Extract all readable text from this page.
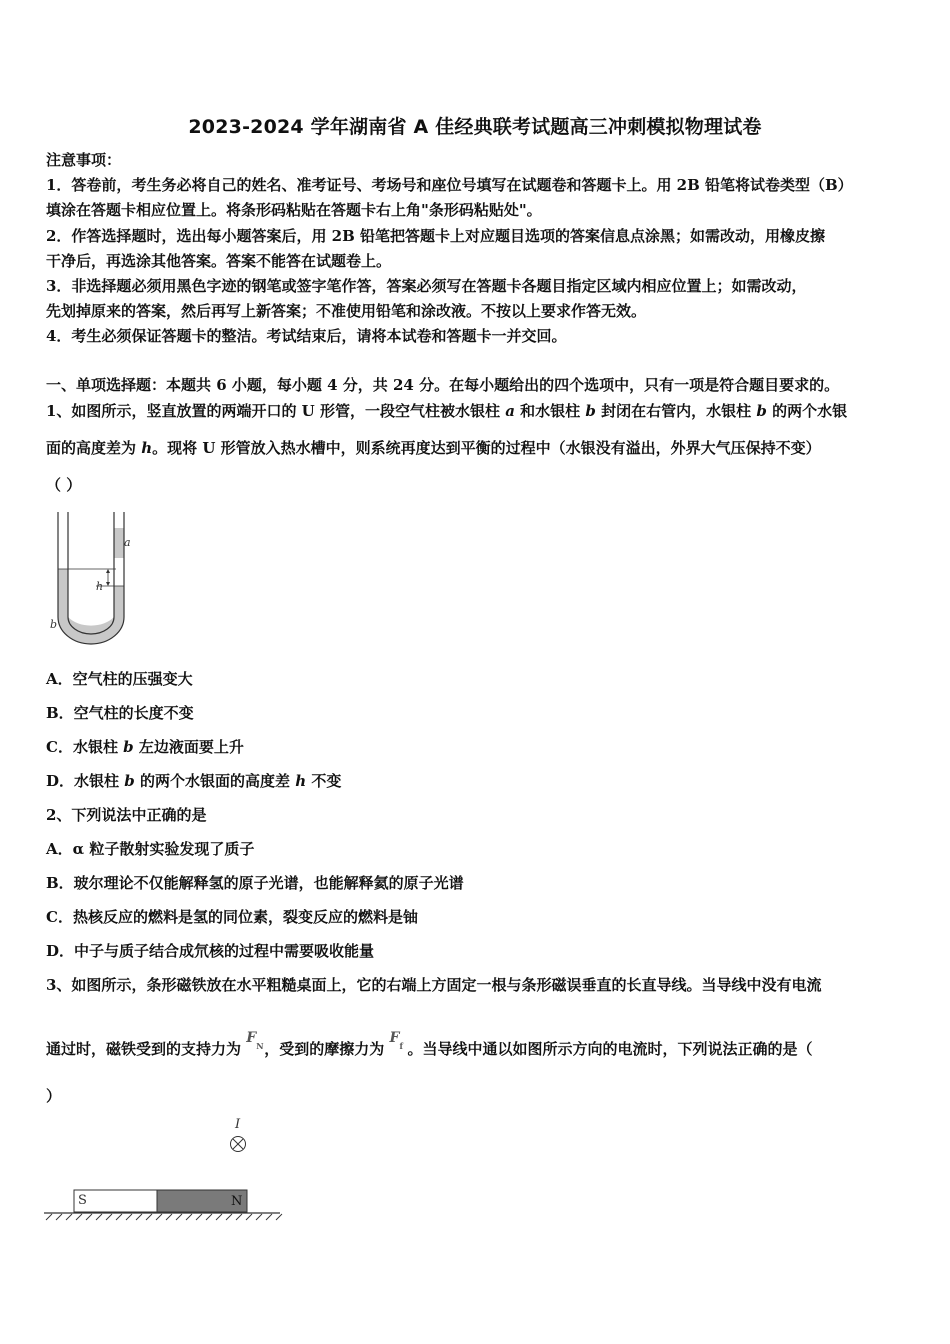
2023-2024 学年湖南省 A 佳经典联考试题高三冲刺模拟物理试卷
注意事项：
1．答卷前，考生务必将自己的姓名、准考证号、考场号和座位号填写在试题卷和答题卡上。用 2B 铅笔将试卷类型（B）
填涂在答题卡相应位置上。将条形码粘贴在答题卡右上角"条形码粘贴处"。
2．作答选择题时，选出每小题答案后，用 2B 铅笔把答题卡上对应题目选项的答案信息点涂黑；如需改动，用橡皮擦
干净后，再选涂其他答案。答案不能答在试题卷上。
3．非选择题必须用黑色字迹的钢笔或签字笔作答，答案必须写在答题卡各题目指定区域内相应位置上；如需改动，
先划掉原来的答案，然后再写上新答案；不准使用铅笔和涂改液。不按以上要求作答无效。
4．考生必须保证答题卡的整洁。考试结束后，请将本试卷和答题卡一并交回。
一、单项选择题：本题共 6 小题，每小题 4 分，共 24 分。在每小题给出的四个选项中，只有一项是符合题目要求的。
1、如图所示，竖直放置的两端开口的 U 形管，一段空气柱被水银柱 a 和水银柱 b 封闭在右管内，水银柱 b 的两个水银
面的高度差为 h。现将 U 形管放入热水槽中，则系统再度达到平衡的过程中（水银没有溢出，外界大气压保持不变）
（ ）
a
h
b
A．空气柱的压强变大
B．空气柱的长度不变
C．水银柱 b 左边液面要上升
D．水银柱 b 的两个水银面的高度差 h 不变
2、下列说法中正确的是
A．α 粒子散射实验发现了质子
B．玻尔理论不仅能解释氢的原子光谱，也能解释氦的原子光谱
C．热核反应的燃料是氢的同位素，裂变反应的燃料是铀
D．中子与质子结合成氘核的过程中需要吸收能量
3、如图所示，条形磁铁放在水平粗糙桌面上，它的右端上方固定一根与条形磁误垂直的长直导线。当导线中没有电流
通过时，磁铁受到的支持力为
F N ，受到的摩擦力为
F f 。当导线中通以如图所示方向的电流时，下列说法正确的是（
）
I
S	N
